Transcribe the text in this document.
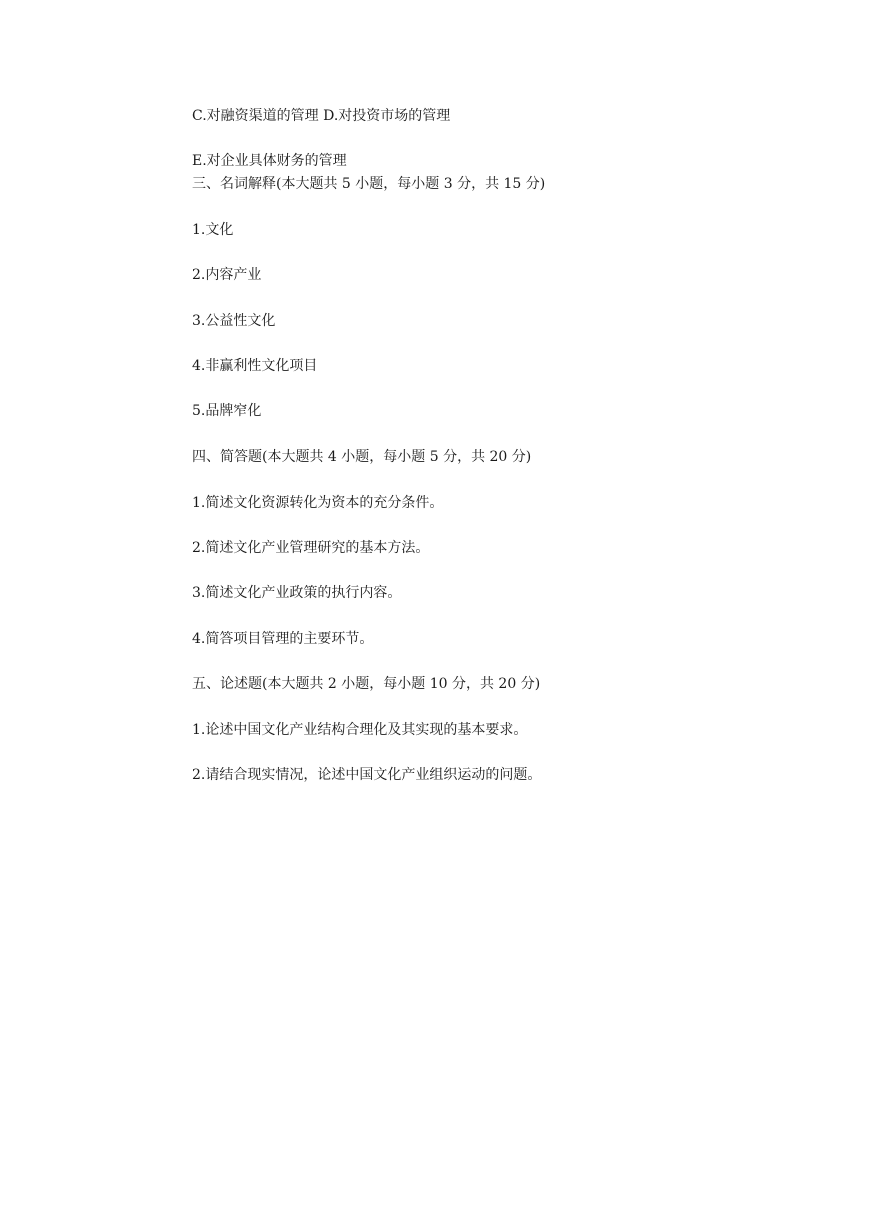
C.对融资渠道的管理 D.对投资市场的管理
E.对企业具体财务的管理
三、名词解释(本大题共 5 小题，每小题 3 分，共 15 分)
1.文化
2.内容产业
3.公益性文化
4.非赢利性文化项目
5.品牌窄化
四、简答题(本大题共 4 小题，每小题 5 分，共 20 分)
1.简述文化资源转化为资本的充分条件。
2.简述文化产业管理研究的基本方法。
3.简述文化产业政策的执行内容。
4.简答项目管理的主要环节。
五、论述题(本大题共 2 小题，每小题 10 分，共 20 分)
1.论述中国文化产业结构合理化及其实现的基本要求。
2.请结合现实情况，论述中国文化产业组织运动的问题。
